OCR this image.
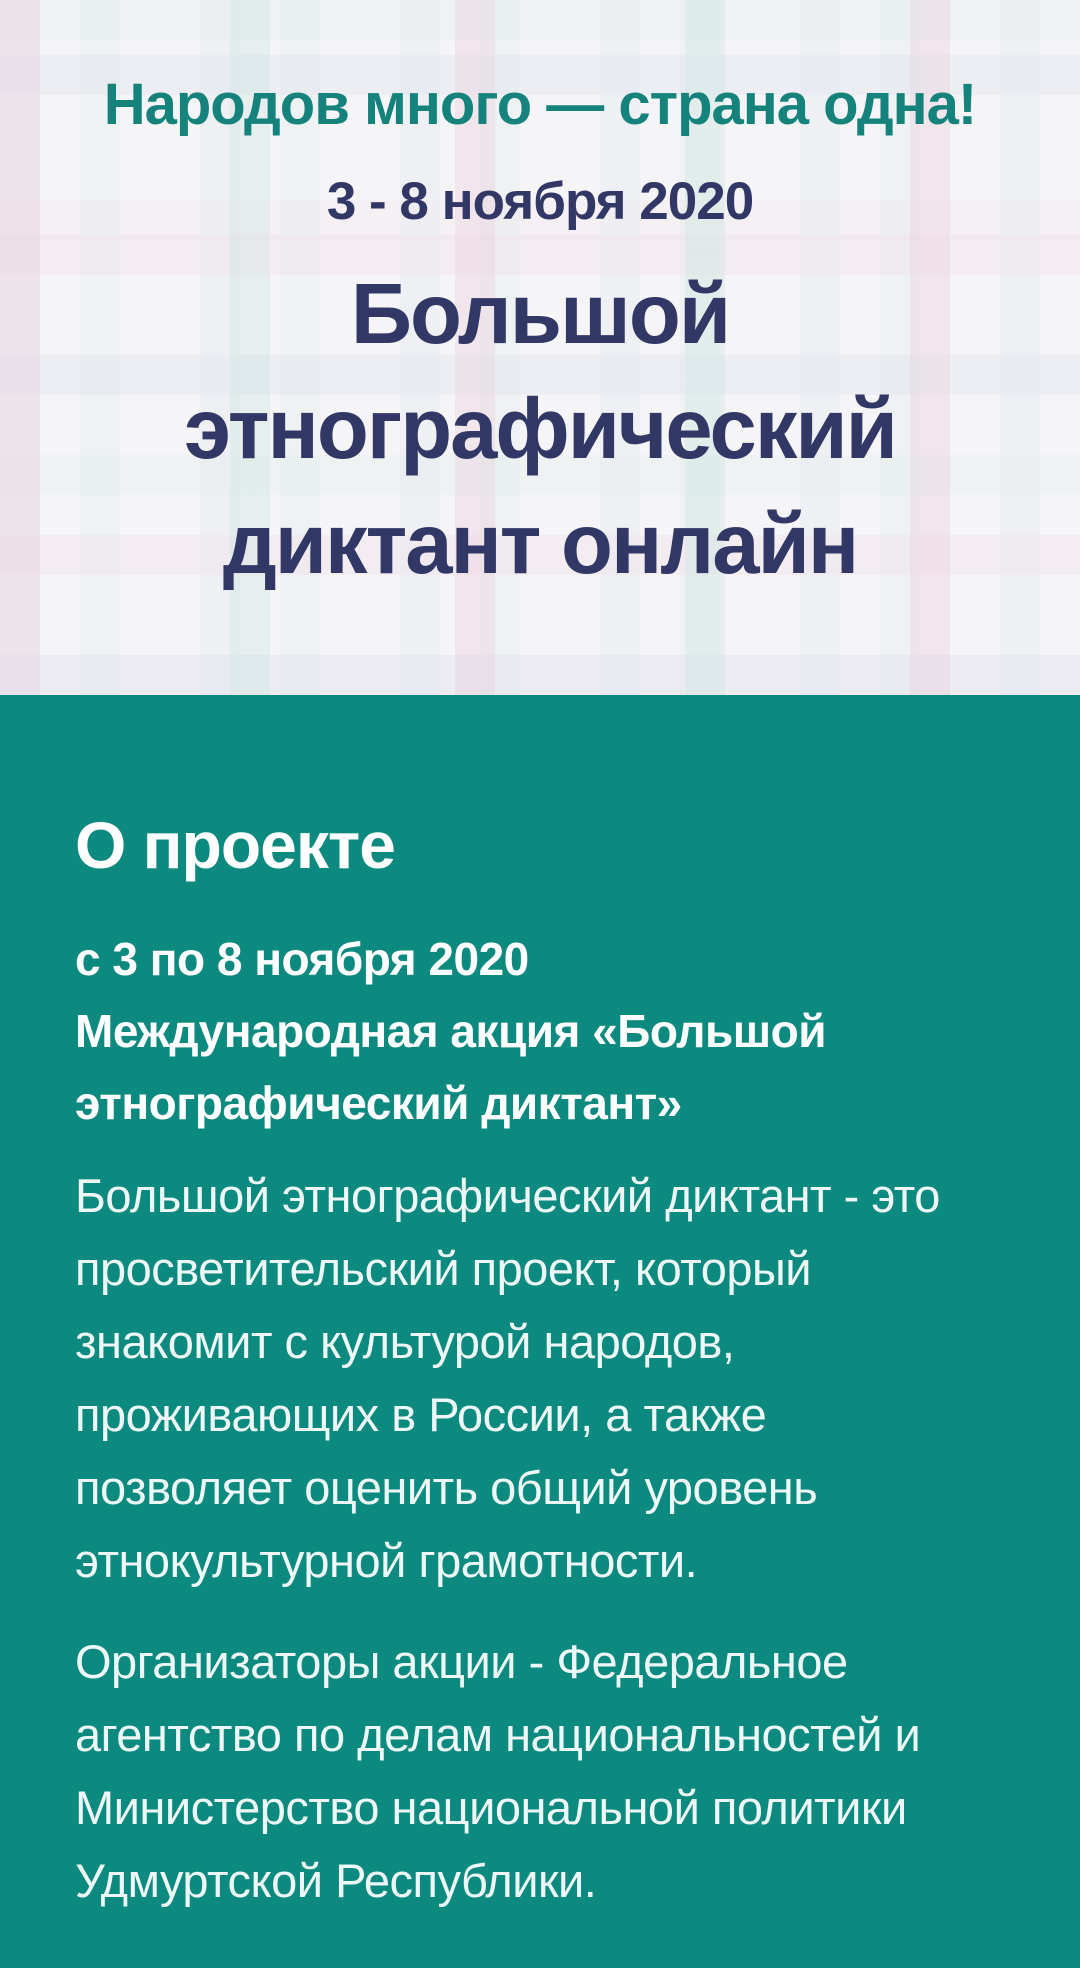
Народов много — страна одна!
3 - 8 ноября 2020
Большой
этнографический
диктант онлайн
О проекте
с 3 по 8 ноября 2020
Международная акция «Большой
этнографический диктант»

Большой этнографический диктант - это
просветительский проект, который
знакомит с культурой народов,
проживающих в России, а также
позволяет оценить общий уровень
этнокультурной грамотности.

Организаторы акции - Федеральное
агентство по делам национальностей и
Министерство национальной политики
Удмуртской Республики.
